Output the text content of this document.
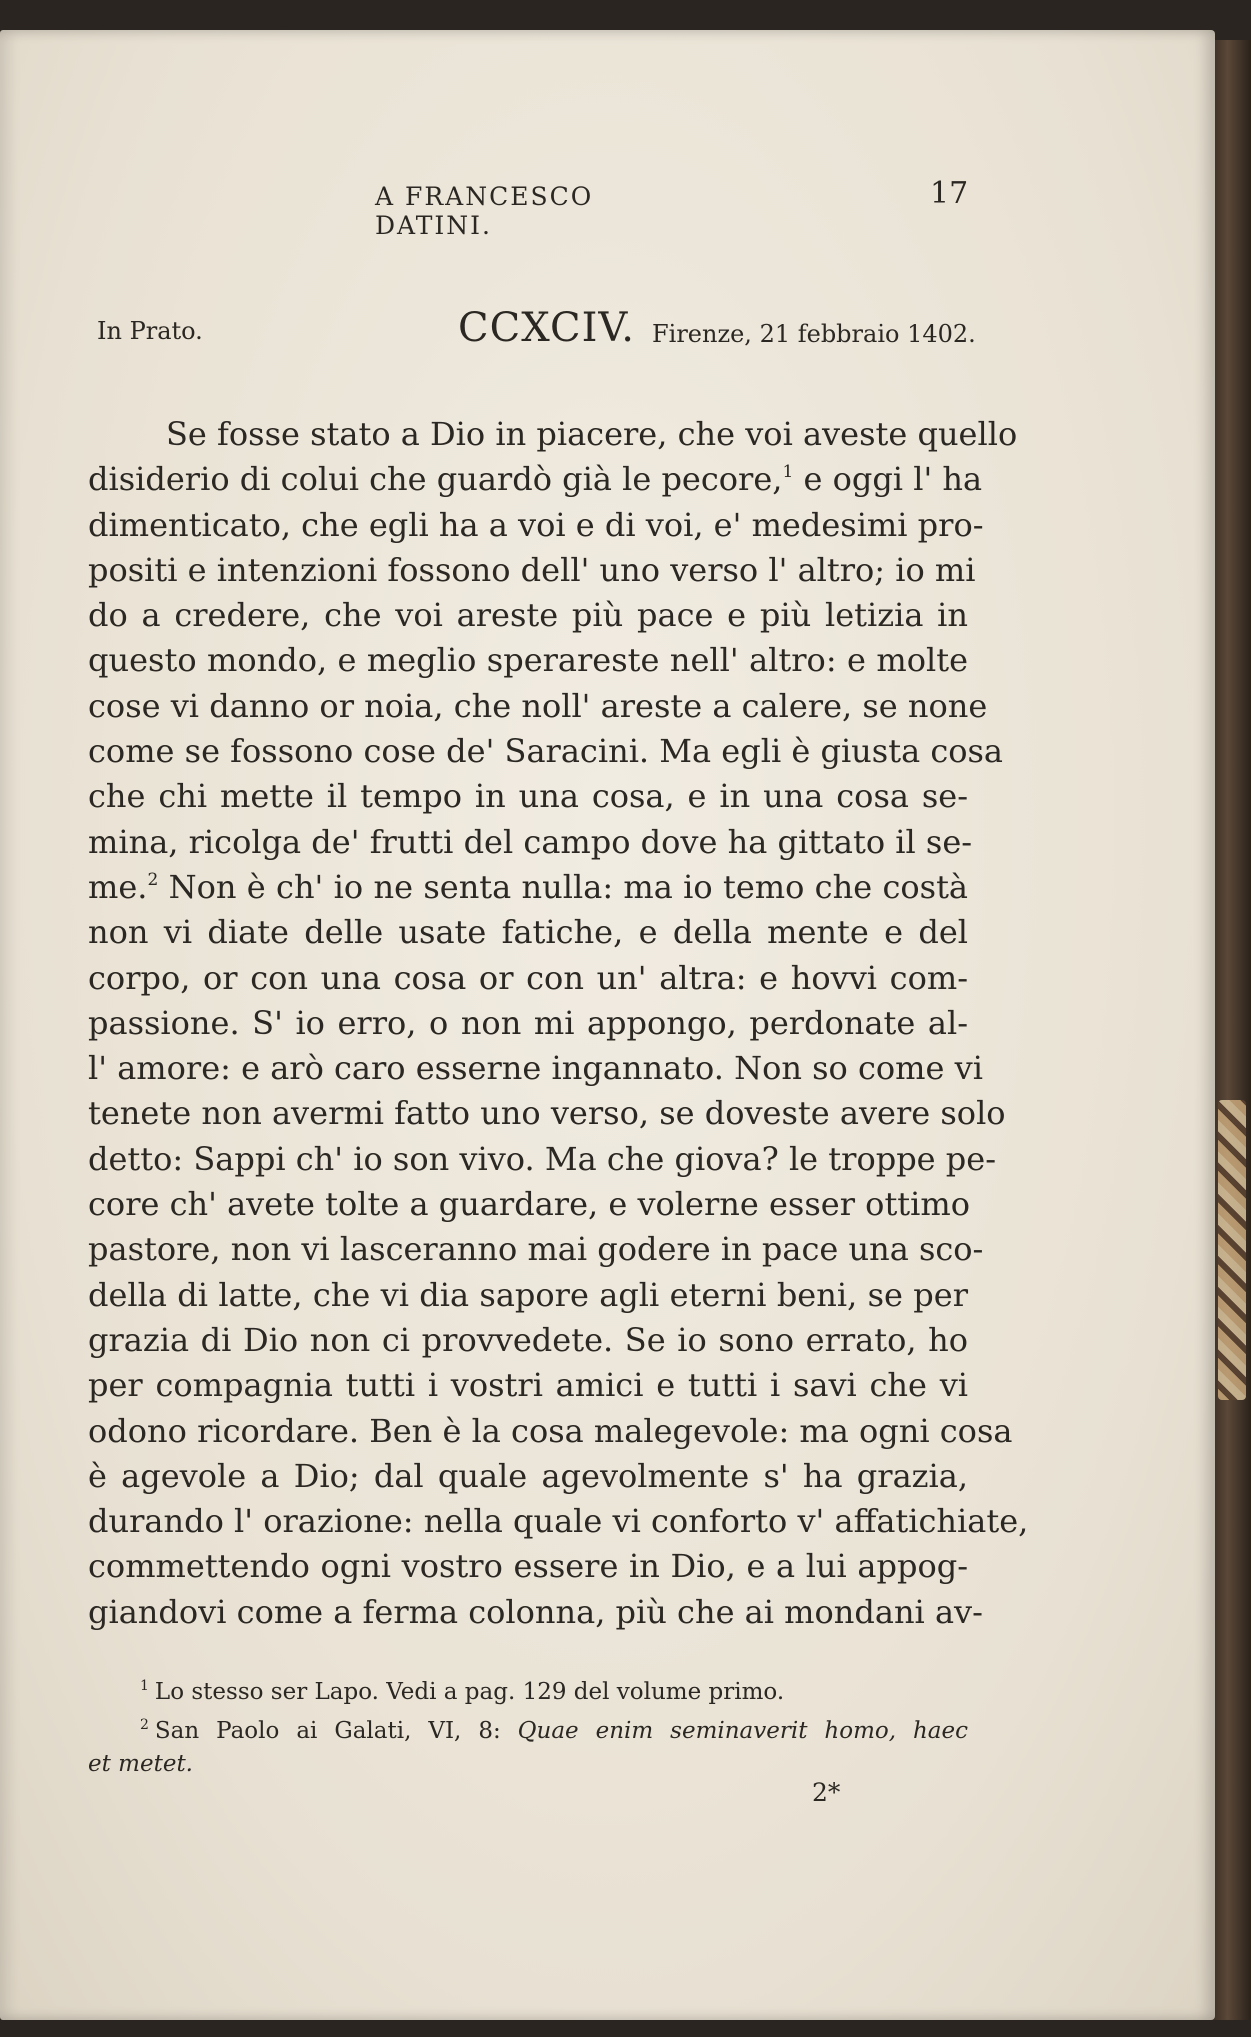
A FRANCESCO DATINI.
17
In Prato.	CCXCIV. Firenze, 21 febbraio 1402.
Se fosse stato a Dio in piacere, che voi aveste quello
disiderio di colui che guardò già le pecore,$^1$ e oggi l' ha
dimenticato, che egli ha a voi e di voi, e' medesimi pro-
positi e intenzioni fossono dell' uno verso l' altro; io mi
do a credere, che voi areste più pace e più letizia in
questo mondo, e meglio sperareste nell' altro: e molte
cose vi danno or noia, che noll' areste a calere, se none
come se fossono cose de' Saracini. Ma egli è giusta cosa
che chi mette il tempo in una cosa, e in una cosa se-
mina, ricolga de' frutti del campo dove ha gittato il se-
me.$^2$ Non è ch' io ne senta nulla: ma io temo che costà
non vi diate delle usate fatiche, e della mente e del
corpo, or con una cosa or con un' altra: e hovvi com-
passione. S' io erro, o non mi appongo, perdonate al-
l' amore: e arò caro esserne ingannato. Non so come vi
tenete non avermi fatto uno verso, se doveste avere solo
detto: Sappi ch' io son vivo. Ma che giova? le troppe pe-
core ch' avete tolte a guardare, e volerne esser ottimo
pastore, non vi lasceranno mai godere in pace una sco-
della di latte, che vi dia sapore agli eterni beni, se per
grazia di Dio non ci provvedete. Se io sono errato, ho
per compagnia tutti i vostri amici e tutti i savi che vi
odono ricordare. Ben è la cosa malegevole: ma ogni cosa
è agevole a Dio; dal quale agevolmente s' ha grazia,
durando l' orazione: nella quale vi conforto v' affatichiate,
commettendo ogni vostro essere in Dio, e a lui appog-
giandovi come a ferma colonna, più che ai mondani av-
$^1$ Lo stesso ser Lapo. Vedi a pag. 129 del volume primo.
$^2$ San Paolo ai Galati, VI, 8: Quae enim seminaverit homo, haec
et metet.
2*
